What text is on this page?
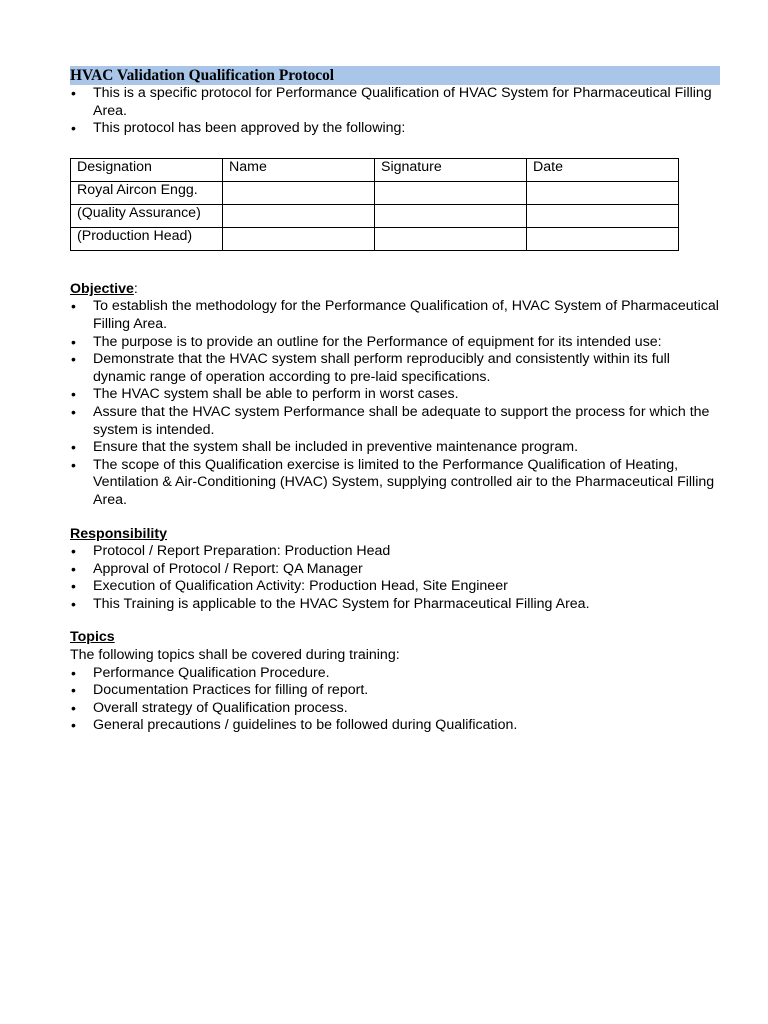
HVAC Validation Qualification Protocol
• This is a specific protocol for Performance Qualification of HVAC System for Pharmaceutical Filling Area.
• This protocol has been approved by the following:
Designation	Name	Signature	Date
Royal Aircon Engg.			
(Quality Assurance)			
(Production Head)			
Objective:
• To establish the methodology for the Performance Qualification of, HVAC System of Pharmaceutical Filling Area.
• The purpose is to provide an outline for the Performance of equipment for its intended use:
• Demonstrate that the HVAC system shall perform reproducibly and consistently within its full dynamic range of operation according to pre-laid specifications.
• The HVAC system shall be able to perform in worst cases.
• Assure that the HVAC system Performance shall be adequate to support the process for which the system is intended.
• Ensure that the system shall be included in preventive maintenance program.
• The scope of this Qualification exercise is limited to the Performance Qualification of Heating, Ventilation & Air-Conditioning (HVAC) System, supplying controlled air to the Pharmaceutical Filling Area.
Responsibility
• Protocol / Report Preparation: Production Head
• Approval of Protocol / Report: QA Manager
• Execution of Qualification Activity: Production Head, Site Engineer
• This Training is applicable to the HVAC System for Pharmaceutical Filling Area.
Topics

The following topics shall be covered during training:

• Performance Qualification Procedure.
• Documentation Practices for filling of report.
• Overall strategy of Qualification process.
• General precautions / guidelines to be followed during Qualification.
